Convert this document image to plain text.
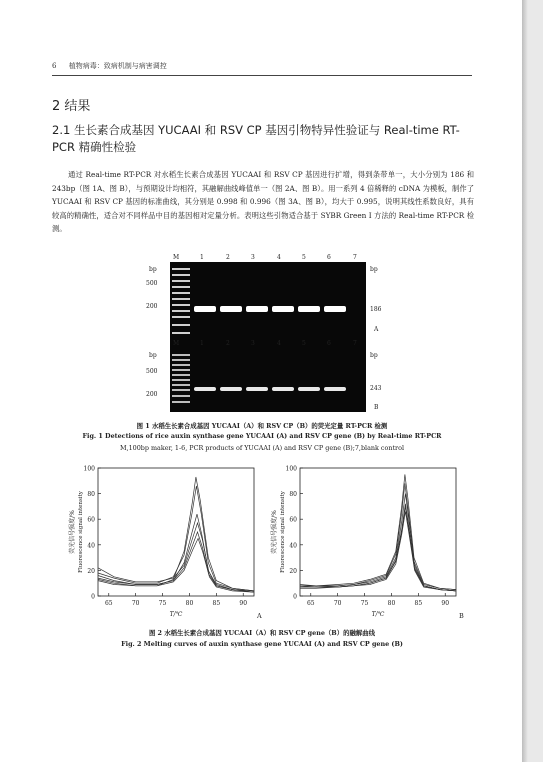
6 植物病毒：致病机制与病害调控
2 结果
2.1 生长素合成基因 YUCAAI 和 RSV CP 基因引物特异性验证与 Real-time RT-PCR 精确性检验
通过 Real-time RT-PCR 对水稻生长素合成基因 YUCAAI 和 RSV CP 基因进行扩增，得到条带单一，大小分别为 186 和 243bp（图 1A、图 B），与预期设计均相符，其融解曲线峰值单一（图 2A、图 B）。用一系列 4 倍稀释的 cDNA 为模板，制作了 YUCAAI 和 RSV CP 基因的标准曲线，其分别是 0.998 和 0.996（图 3A、图 B），均大于 0.995，说明其线性系数良好，具有较高的精确性，适合对不同样品中目的基因相对定量分析。表明这些引物适合基于 SYBR Green I 方法的 Real-time RT-PCR 检测。
M	1	2	3	4	5	6	7
bp
500
200
bp
186
A
M	1	2	3	4	5	6	7
bp
500
200
bp
243
B
图 1 水稻生长素合成基因 YUCAAI（A）和 RSV CP（B）的荧光定量 RT-PCR 检测
Fig. 1 Detections of rice auxin synthase gene YUCAAI (A) and RSV CP gene (B) by Real-time RT-PCR
M,100bp maker, 1-6, PCR products of YUCAAI (A) and RSV CP gene (B);7,blank control
0
20
40
60
80
100
65	70	75	80	85	90
荧光信号强度/% Fluorescence signal intensity
T/℃	A
0
20
40
60
80
100
65	70	75	80	85	90
荧光信号强度/% Fluorescence signal intensity
T/℃	B
图 2 水稻生长素合成基因 YUCAAI（A）和 RSV CP gene（B）的融解曲线
Fig. 2 Melting curves of auxin synthase gene YUCAAI (A) and RSV CP gene (B)
